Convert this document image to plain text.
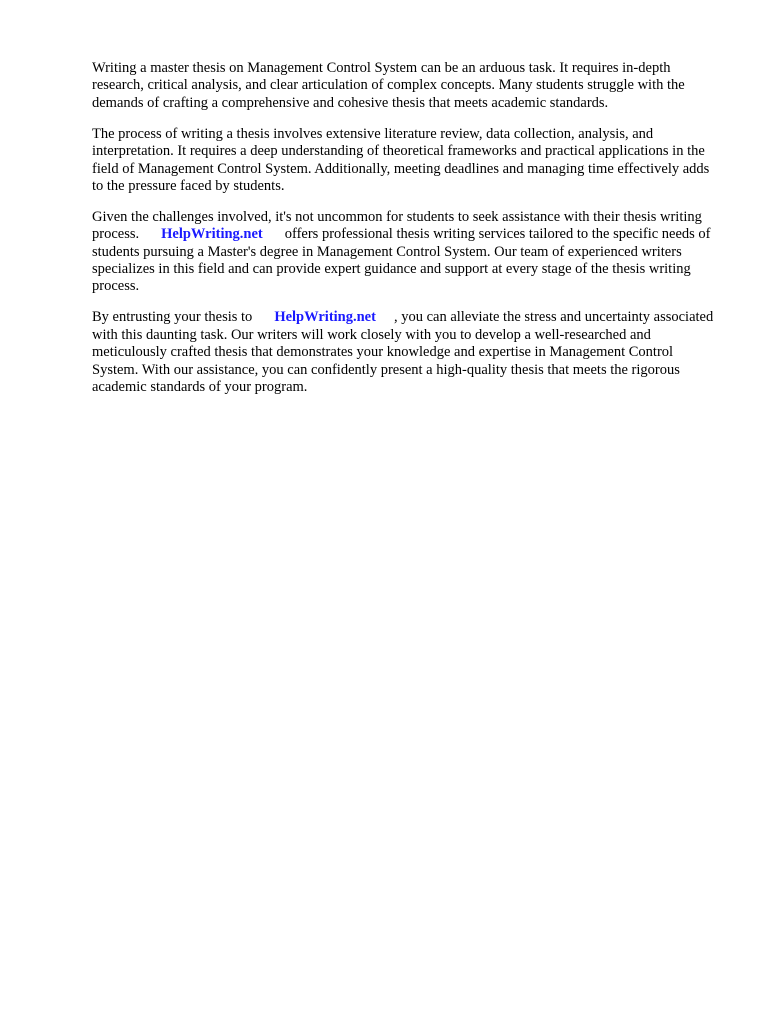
Writing a master thesis on Management Control System can be an arduous task. It requires in-depth research, critical analysis, and clear articulation of complex concepts. Many students struggle with the demands of crafting a comprehensive and cohesive thesis that meets academic standards.

The process of writing a thesis involves extensive literature review, data collection, analysis, and interpretation. It requires a deep understanding of theoretical frameworks and practical applications in the field of Management Control System. Additionally, meeting deadlines and managing time effectively adds to the pressure faced by students.

Given the challenges involved, it's not uncommon for students to seek assistance with their thesis writing process. HelpWriting.net offers professional thesis writing services tailored to the specific needs of students pursuing a Master's degree in Management Control System. Our team of experienced writers specializes in this field and can provide expert guidance and support at every stage of the thesis writing process.

By entrusting your thesis to HelpWriting.net , you can alleviate the stress and uncertainty associated with this daunting task. Our writers will work closely with you to develop a well-researched and meticulously crafted thesis that demonstrates your knowledge and expertise in Management Control System. With our assistance, you can confidently present a high-quality thesis that meets the rigorous academic standards of your program.
